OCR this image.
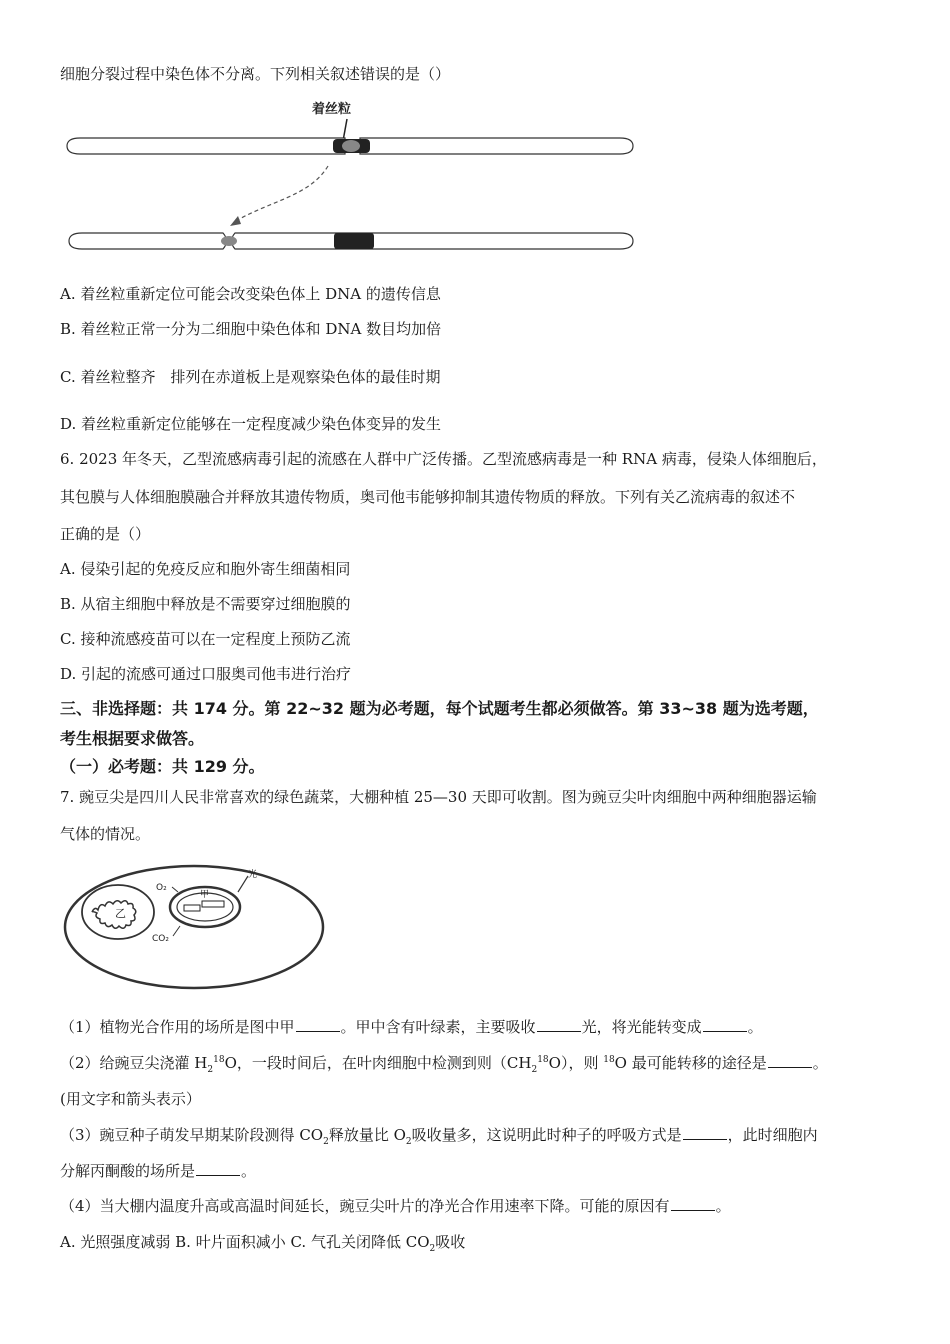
细胞分裂过程中染色体不分离。下列相关叙述错误的是（）
着丝粒
A. 着丝粒重新定位可能会改变染色体上 DNA 的遗传信息
B. 着丝粒正常一分为二细胞中染色体和 DNA 数目均加倍
C. 着丝粒整齐　排列在赤道板上是观察染色体的最佳时期
D. 着丝粒重新定位能够在一定程度减少染色体变异的发生
6. 2023 年冬天，乙型流感病毒引起的流感在人群中广泛传播。乙型流感病毒是一种 RNA 病毒，侵染人体细胞后，
其包膜与人体细胞膜融合并释放其遗传物质，奥司他韦能够抑制其遗传物质的释放。下列有关乙流病毒的叙述不
正确的是（）
A. 侵染引起的免疫反应和胞外寄生细菌相同
B. 从宿主细胞中释放是不需要穿过细胞膜的
C. 接种流感疫苗可以在一定程度上预防乙流
D. 引起的流感可通过口服奥司他韦进行治疗
三、非选择题：共 174 分。第 22~32 题为必考题，每个试题考生都必须做答。第 33~38 题为选考题，
考生根据要求做答。
（一）必考题：共 129 分。
7. 豌豆尖是四川人民非常喜欢的绿色蔬菜，大棚种植 25—30 天即可收割。图为豌豆尖叶肉细胞中两种细胞器运输
气体的情况。
乙
甲
O₂
CO₂
光
（1）植物光合作用的场所是图中甲	。甲中含有叶绿素，主要吸收	光，将光能转变成	。
（2）给豌豆尖浇灌 $H_2^{18}O$，一段时间后，在叶肉细胞中检测到则$(CH_2^{18}O)$，则 $^{18}$O 最可能转移的途径是	。
(用文字和箭头表示）
（3）豌豆种子萌发早期某阶段测得 $CO_2$释放量比 $O_2$吸收量多，这说明此时种子的呼吸方式是	，此时细胞内
分解丙酮酸的场所是	。
（4）当大棚内温度升高或高温时间延长，豌豆尖叶片的净光合作用速率下降。可能的原因有	。
A. 光照强度减弱 B. 叶片面积减小 C. 气孔关闭降低 $CO_2$吸收
